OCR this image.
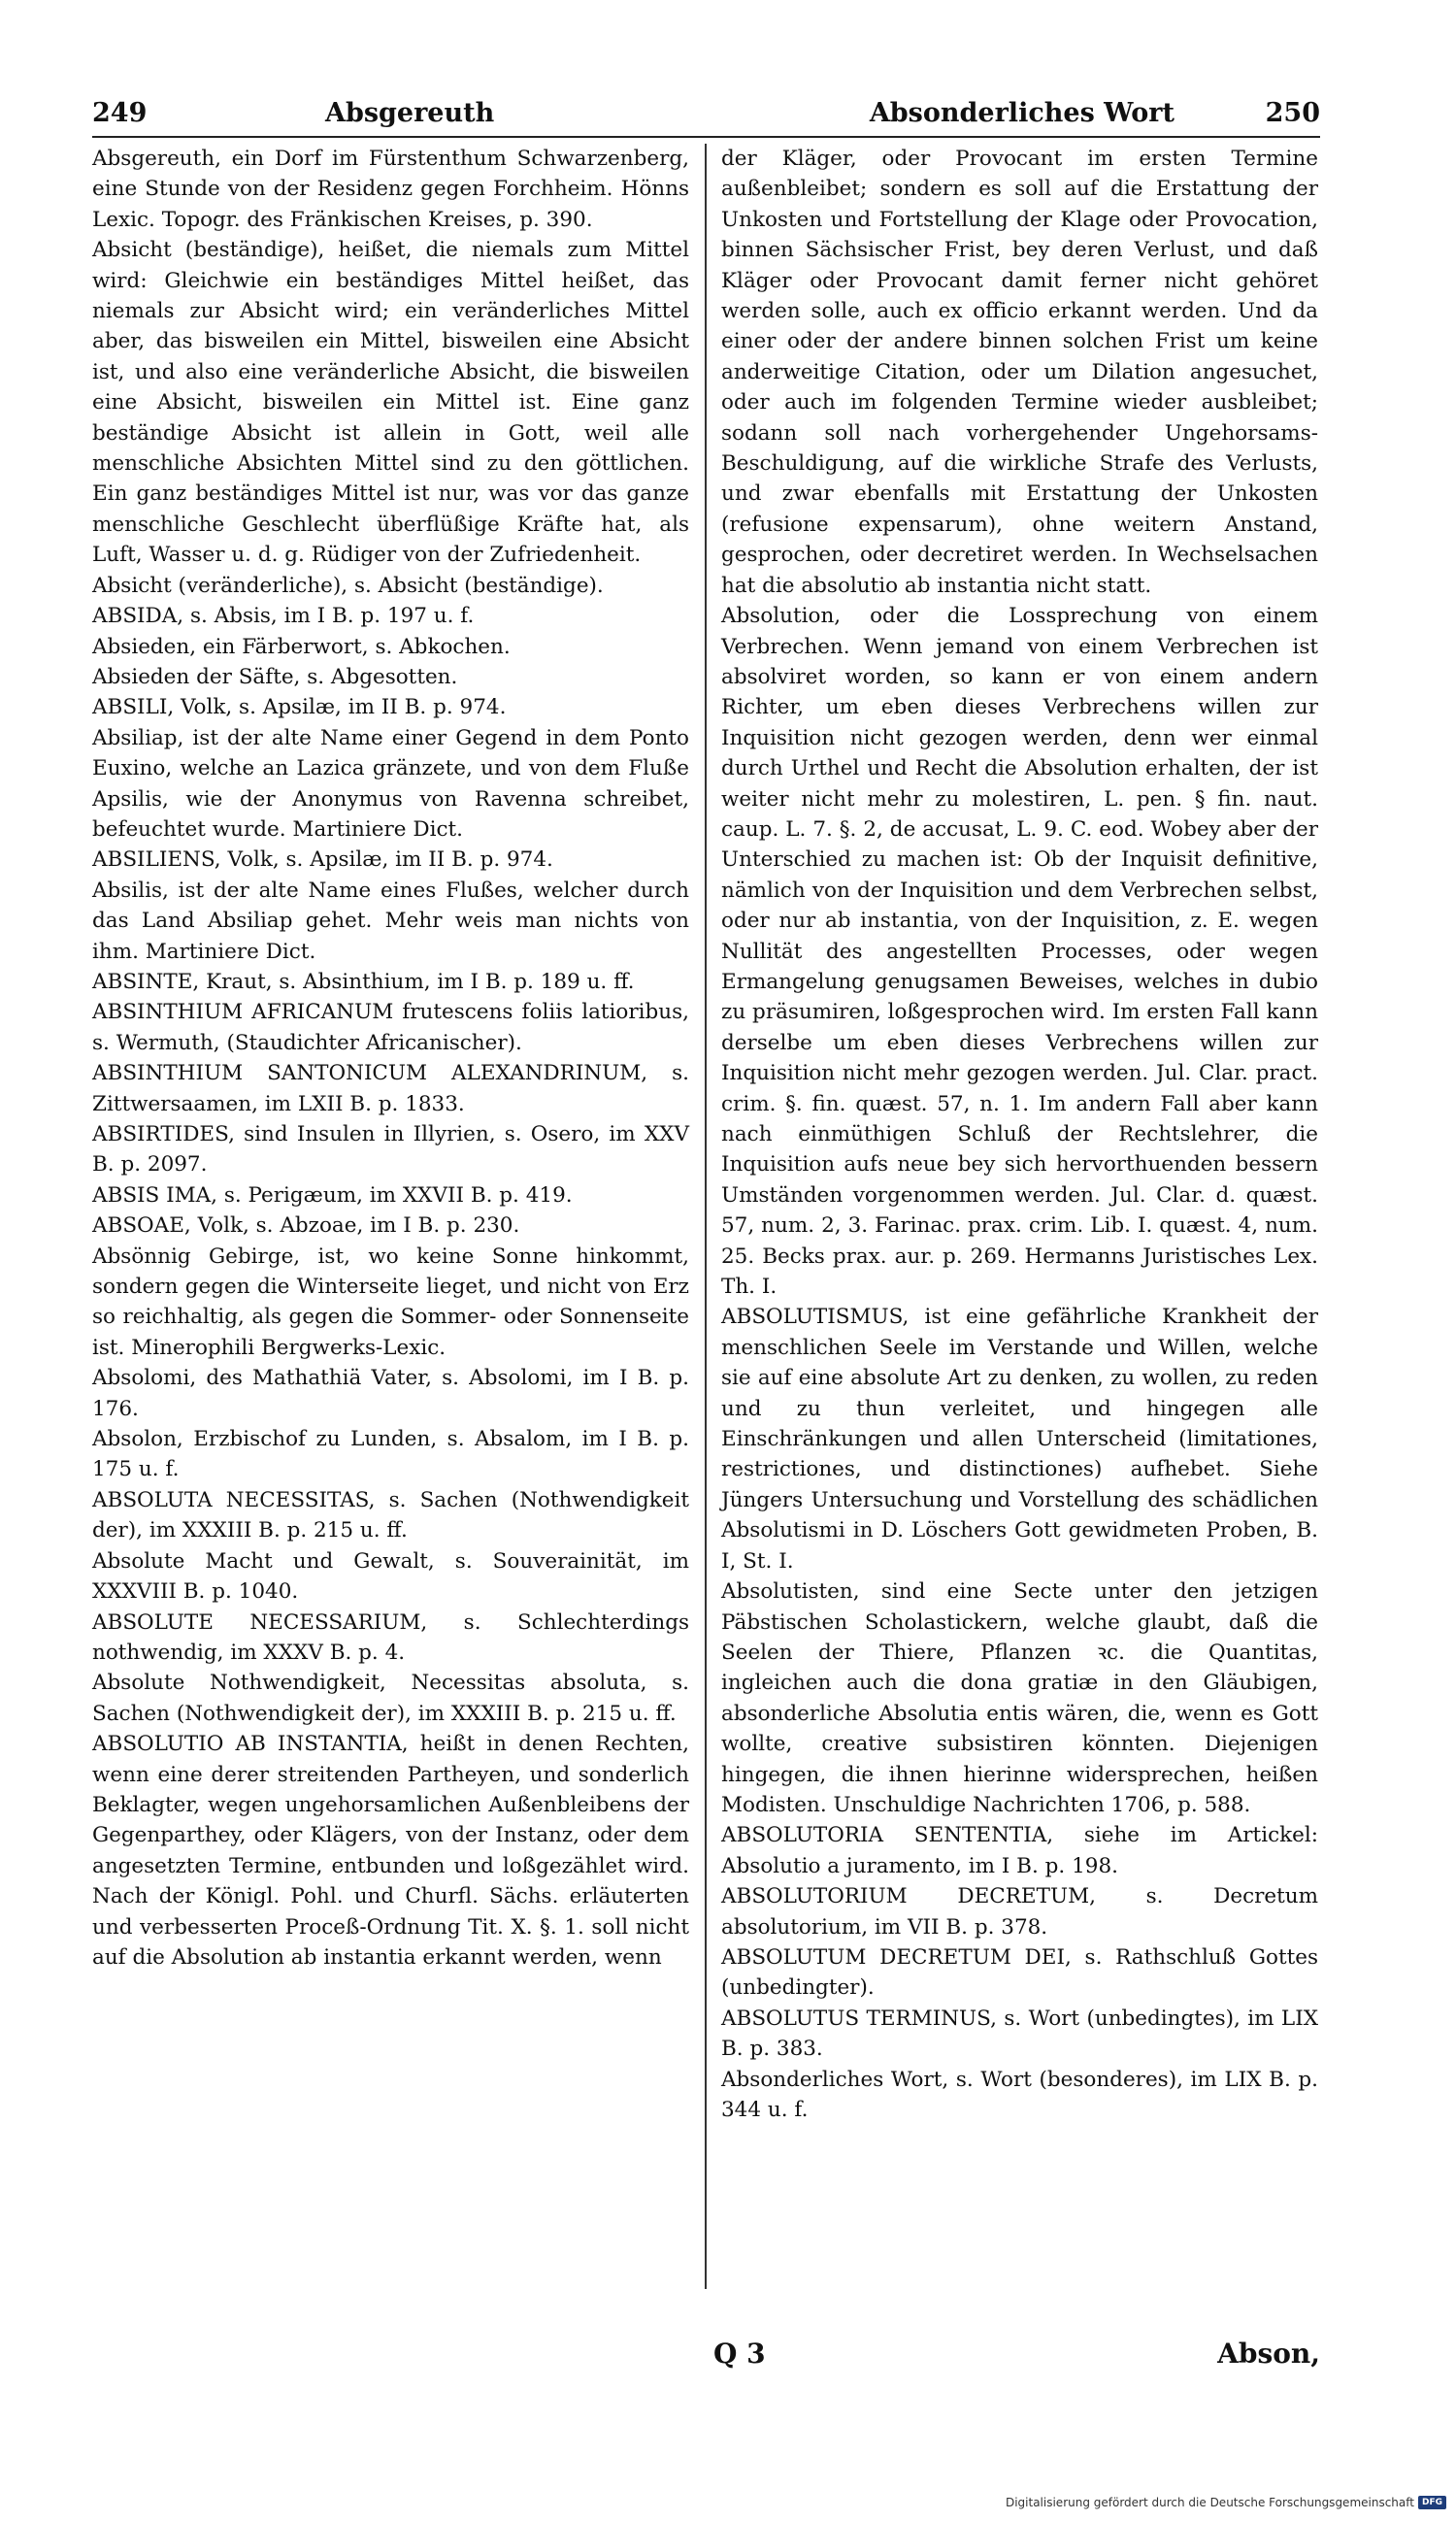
249	Absgereuth	Absonderliches Wort	250

Absgereuth, ein Dorf im Fürstenthum Schwarzenberg, eine Stunde von der Residenz gegen Forchheim. Hönns Lexic. Topogr. des Fränkischen Kreises, p. 390.

Absicht (beständige), heißet, die niemals zum Mittel wird: Gleichwie ein beständiges Mittel heißet, das niemals zur Absicht wird; ein veränderliches Mittel aber, das bisweilen ein Mittel, bisweilen eine Absicht ist, und also eine veränderliche Absicht, die bisweilen eine Absicht, bisweilen ein Mittel ist. Eine ganz beständige Absicht ist allein in Gott, weil alle menschliche Absichten Mittel sind zu den göttlichen. Ein ganz beständiges Mittel ist nur, was vor das ganze menschliche Geschlecht überflüßige Kräfte hat, als Luft, Wasser u. d. g. Rüdiger von der Zufriedenheit.

Absicht (veränderliche), s. Absicht (beständige).

ABSIDA, s. Absis, im I B. p. 197 u. f.

Absieden, ein Färberwort, s. Abkochen.

Absieden der Säfte, s. Abgesotten.

ABSILI, Volk, s. Apsilæ, im II B. p. 974.

Absiliap, ist der alte Name einer Gegend in dem Ponto Euxino, welche an Lazica gränzete, und von dem Fluße Apsilis, wie der Anonymus von Ravenna schreibet, befeuchtet wurde. Martiniere Dict.

ABSILIENS, Volk, s. Apsilæ, im II B. p. 974.

Absilis, ist der alte Name eines Flußes, welcher durch das Land Absiliap gehet. Mehr weis man nichts von ihm. Martiniere Dict.

ABSINTE, Kraut, s. Absinthium, im I B. p. 189 u. ff.

ABSINTHIUM AFRICANUM frutescens foliis latioribus, s. Wermuth, (Staudichter Africanischer).

ABSINTHIUM SANTONICUM ALEXANDRINUM, s. Zittwersaamen, im LXII B. p. 1833.

ABSIRTIDES, sind Insulen in Illyrien, s. Osero, im XXV B. p. 2097.

ABSIS IMA, s. Perigæum, im XXVII B. p. 419.

ABSOAE, Volk, s. Abzoae, im I B. p. 230.

Absönnig Gebirge, ist, wo keine Sonne hinkommt, sondern gegen die Winterseite lieget, und nicht von Erz so reichhaltig, als gegen die Sommer- oder Sonnenseite ist. Minerophili Bergwerks-Lexic.

Absolomi, des Mathathiä Vater, s. Absolomi, im I B. p. 176.

Absolon, Erzbischof zu Lunden, s. Absalom, im I B. p. 175 u. f.

ABSOLUTA NECESSITAS, s. Sachen (Nothwendigkeit der), im XXXIII B. p. 215 u. ff.

Absolute Macht und Gewalt, s. Souverainität, im XXXVIII B. p. 1040.

ABSOLUTE NECESSARIUM, s. Schlechterdings nothwendig, im XXXV B. p. 4.

Absolute Nothwendigkeit, Necessitas absoluta, s. Sachen (Nothwendigkeit der), im XXXIII B. p. 215 u. ff.

ABSOLUTIO AB INSTANTIA, heißt in denen Rechten, wenn eine derer streitenden Partheyen, und sonderlich Beklagter, wegen ungehorsamlichen Außenbleibens der Gegenparthey, oder Klägers, von der Instanz, oder dem angesetzten Termine, entbunden und loßgezählet wird. Nach der Königl. Pohl. und Churfl. Sächs. erläuterten und verbesserten Proceß-Ordnung Tit. X. §. 1. soll nicht auf die Absolution ab instantia erkannt werden, wenn

der Kläger, oder Provocant im ersten Termine außenbleibet; sondern es soll auf die Erstattung der Unkosten und Fortstellung der Klage oder Provocation, binnen Sächsischer Frist, bey deren Verlust, und daß Kläger oder Provocant damit ferner nicht gehöret werden solle, auch ex officio erkannt werden. Und da einer oder der andere binnen solchen Frist um keine anderweitige Citation, oder um Dilation angesuchet, oder auch im folgenden Termine wieder ausbleibet; sodann soll nach vorhergehender Ungehorsams-Beschuldigung, auf die wirkliche Strafe des Verlusts, und zwar ebenfalls mit Erstattung der Unkosten (refusione expensarum), ohne weitern Anstand, gesprochen, oder decretiret werden. In Wechselsachen hat die absolutio ab instantia nicht statt.

Absolution, oder die Lossprechung von einem Verbrechen. Wenn jemand von einem Verbrechen ist absolviret worden, so kann er von einem andern Richter, um eben dieses Verbrechens willen zur Inquisition nicht gezogen werden, denn wer einmal durch Urthel und Recht die Absolution erhalten, der ist weiter nicht mehr zu molestiren, L. pen. § fin. naut. caup. L. 7. §. 2, de accusat, L. 9. C. eod. Wobey aber der Unterschied zu machen ist: Ob der Inquisit definitive, nämlich von der Inquisition und dem Verbrechen selbst, oder nur ab instantia, von der Inquisition, z. E. wegen Nullität des angestellten Processes, oder wegen Ermangelung genugsamen Beweises, welches in dubio zu präsumiren, loßgesprochen wird. Im ersten Fall kann derselbe um eben dieses Verbrechens willen zur Inquisition nicht mehr gezogen werden. Jul. Clar. pract. crim. §. fin. quæst. 57, n. 1. Im andern Fall aber kann nach einmüthigen Schluß der Rechtslehrer, die Inquisition aufs neue bey sich hervorthuenden bessern Umständen vorgenommen werden. Jul. Clar. d. quæst. 57, num. 2, 3. Farinac. prax. crim. Lib. I. quæst. 4, num. 25. Becks prax. aur. p. 269. Hermanns Juristisches Lex. Th. I.

ABSOLUTISMUS, ist eine gefährliche Krankheit der menschlichen Seele im Verstande und Willen, welche sie auf eine absolute Art zu denken, zu wollen, zu reden und zu thun verleitet, und hingegen alle Einschränkungen und allen Unterscheid (limitationes, restrictiones, und distinctiones) aufhebet. Siehe Jüngers Untersuchung und Vorstellung des schädlichen Absolutismi in D. Löschers Gott gewidmeten Proben, B. I, St. I.

Absolutisten, sind eine Secte unter den jetzigen Päbstischen Scholastickern, welche glaubt, daß die Seelen der Thiere, Pflanzen ꝛc. die Quantitas, ingleichen auch die dona gratiæ in den Gläubigen, absonderliche Absolutia entis wären, die, wenn es Gott wollte, creative subsistiren könnten. Diejenigen hingegen, die ihnen hierinne widersprechen, heißen Modisten. Unschuldige Nachrichten 1706, p. 588.

ABSOLUTORIA SENTENTIA, siehe im Artickel: Absolutio a juramento, im I B. p. 198.

ABSOLUTORIUM DECRETUM, s. Decretum absolutorium, im VII B. p. 378.

ABSOLUTUM DECRETUM DEI, s. Rathschluß Gottes (unbedingter).

ABSOLUTUS TERMINUS, s. Wort (unbedingtes), im LIX B. p. 383.

Absonderliches Wort, s. Wort (besonderes), im LIX B. p. 344 u. f.

Q 3	Abson,
Digitalisierung gefördert durch die Deutsche Forschungsgemeinschaft DFG
